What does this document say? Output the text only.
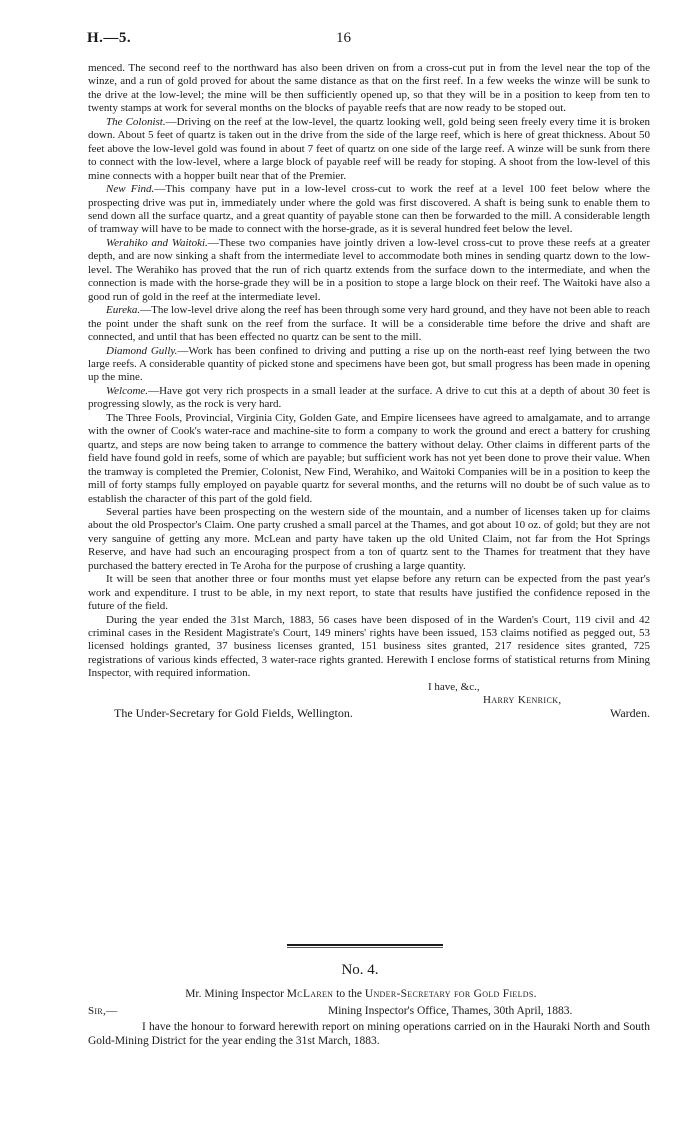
H.—5.	16

menced. The second reef to the northward has also been driven on from a cross-cut put in from the level near the top of the winze, and a run of gold proved for about the same distance as that on the first reef. In a few weeks the winze will be sunk to the drive at the low-level; the mine will be then sufficiently opened up, so that they will be in a position to keep from ten to twenty stamps at work for several months on the blocks of payable reefs that are now ready to be stoped out.

The Colonist.—Driving on the reef at the low-level, the quartz looking well, gold being seen freely every time it is broken down. About 5 feet of quartz is taken out in the drive from the side of the large reef, which is here of great thickness. About 50 feet above the low-level gold was found in about 7 feet of quartz on one side of the large reef. A winze will be sunk from there to connect with the low-level, where a large block of payable reef will be ready for stoping. A shoot from the low-level of this mine connects with a hopper built near that of the Premier.

New Find.—This company have put in a low-level cross-cut to work the reef at a level 100 feet below where the prospecting drive was put in, immediately under where the gold was first discovered. A shaft is being sunk to enable them to send down all the surface quartz, and a great quantity of payable stone can then be forwarded to the mill. A considerable length of tramway will have to be made to connect with the horse-grade, as it is several hundred feet below the level.

Werahiko and Waitoki.—These two companies have jointly driven a low-level cross-cut to prove these reefs at a greater depth, and are now sinking a shaft from the intermediate level to accommodate both mines in sending quartz down to the low-level. The Werahiko has proved that the run of rich quartz extends from the surface down to the intermediate, and when the connection is made with the horse-grade they will be in a position to stope a large block on their reef. The Waitoki have also a good run of gold in the reef at the intermediate level.

Eureka.—The low-level drive along the reef has been through some very hard ground, and they have not been able to reach the point under the shaft sunk on the reef from the surface. It will be a considerable time before the drive and shaft are connected, and until that has been effected no quartz can be sent to the mill.

Diamond Gully.—Work has been confined to driving and putting a rise up on the north-east reef lying between the two large reefs. A considerable quantity of picked stone and specimens have been got, but small progress has been made in opening up the mine.

Welcome.—Have got very rich prospects in a small leader at the surface. A drive to cut this at a depth of about 30 feet is progressing slowly, as the rock is very hard.

The Three Fools, Provincial, Virginia City, Golden Gate, and Empire licensees have agreed to amalgamate, and to arrange with the owner of Cook's water-race and machine-site to form a company to work the ground and erect a battery for crushing quartz, and steps are now being taken to arrange to commence the battery without delay. Other claims in different parts of the field have found gold in reefs, some of which are payable; but sufficient work has not yet been done to prove their value. When the tramway is completed the Premier, Colonist, New Find, Werahiko, and Waitoki Companies will be in a position to keep the mill of forty stamps fully employed on payable quartz for several months, and the returns will no doubt be of such value as to establish the character of this part of the gold field.

Several parties have been prospecting on the western side of the mountain, and a number of licenses taken up for claims about the old Prospector's Claim. One party crushed a small parcel at the Thames, and got about 10 oz. of gold; but they are not very sanguine of getting any more. McLean and party have taken up the old United Claim, not far from the Hot Springs Reserve, and have had such an encouraging prospect from a ton of quartz sent to the Thames for treatment that they have purchased the battery erected in Te Aroha for the purpose of crushing a large quantity.

It will be seen that another three or four months must yet elapse before any return can be expected from the past year's work and expenditure. I trust to be able, in my next report, to state that results have justified the confidence reposed in the future of the field.

During the year ended the 31st March, 1883, 56 cases have been disposed of in the Warden's Court, 119 civil and 42 criminal cases in the Resident Magistrate's Court, 149 miners' rights have been issued, 153 claims notified as pegged out, 53 licensed holdings granted, 37 business licenses granted, 151 business sites granted, 217 residence sites granted, 725 registrations of various kinds effected, 3 water-race rights granted. Herewith I enclose forms of statistical returns from Mining Inspector, with required information.

I have, &c.,
Harry Kenrick,
The Under-Secretary for Gold Fields, Wellington.	Warden.
No. 4.
Mr. Mining Inspector McLaren to the Under-Secretary for Gold Fields.
Sir,—	Mining Inspector's Office, Thames, 30th April, 1883.
I have the honour to forward herewith report on mining operations carried on in the Hauraki North and South Gold-Mining District for the year ending the 31st March, 1883.
